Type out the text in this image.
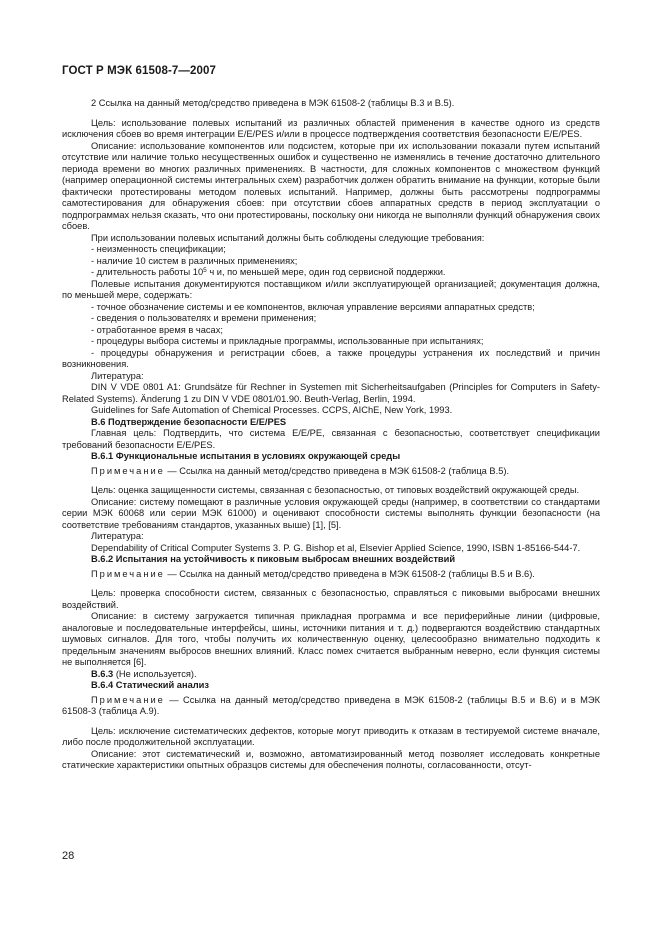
ГОСТ Р МЭК 61508-7—2007

2 Ссылка на данный метод/средство приведена в МЭК 61508-2 (таблицы В.3 и В.5).

Цель: использование полевых испытаний из различных областей применения в качестве одного из средств исключения сбоев во время интеграции E/E/PES и/или в процессе подтверждения соответствия безопасности E/E/PES.

Описание: использование компонентов или подсистем, которые при их использовании показали путем испытаний отсутствие или наличие только несущественных ошибок и существенно не изменялись в течение достаточно длительного периода времени во многих различных применениях. В частности, для сложных компонентов с множеством функций (например операционной системы интегральных схем) разработчик должен обратить внимание на функции, которые были фактически протестированы методом полевых испытаний. Например, должны быть рассмотрены подпрограммы самотестирования для обнаружения сбоев: при отсутствии сбоев аппаратных средств в период эксплуатации о подпрограммах нельзя сказать, что они протестированы, поскольку они никогда не выполняли функций обнаружения своих сбоев.

При использовании полевых испытаний должны быть соблюдены следующие требования:

- неизменность спецификации;

- наличие 10 систем в различных применениях;

- длительность работы $10^5$ ч и, по меньшей мере, один год сервисной поддержки.

Полевые испытания документируются поставщиком и/или эксплуатирующей организацией; документация должна, по меньшей мере, содержать:

- точное обозначение системы и ее компонентов, включая управление версиями аппаратных средств;

- сведения о пользователях и времени применения;

- отработанное время в часах;

- процедуры выбора системы и прикладные программы, использованные при испытаниях;

- процедуры обнаружения и регистрации сбоев, а также процедуры устранения их последствий и причин возникновения.

Литература:

DIN V VDE 0801 A1: Grundsätze für Rechner in Systemen mit Sicherheitsaufgaben (Principles for Computers in Safety-Related Systems). Änderung 1 zu DIN V VDE 0801/01.90. Beuth-Verlag, Berlin, 1994.

Guidelines for Safe Automation of Chemical Processes. CCPS, AIChE, New York, 1993.

В.6 Подтверждение безопасности E/E/PES

Главная цель: Подтвердить, что система E/E/PE, связанная с безопасностью, соответствует спецификации требований безопасности E/E/PES.

В.6.1 Функциональные испытания в условиях окружающей среды

Примечание — Ссылка на данный метод/средство приведена в МЭК 61508-2 (таблица В.5).

Цель: оценка защищенности системы, связанная с безопасностью, от типовых воздействий окружающей среды.

Описание: систему помещают в различные условия окружающей среды (например, в соответствии со стандартами серии МЭК 60068 или серии МЭК 61000) и оценивают способности системы выполнять функции безопасности (на соответствие требованиям стандартов, указанных выше) [1], [5].

Литература:

Dependability of Critical Computer Systems 3. P. G. Bishop et al, Elsevier Applied Science, 1990, ISBN 1-85166-544-7.

В.6.2 Испытания на устойчивость к пиковым выбросам внешних воздействий

Примечание — Ссылка на данный метод/средство приведена в МЭК 61508-2 (таблицы В.5 и В.6).

Цель: проверка способности систем, связанных с безопасностью, справляться с пиковыми выбросами внешних воздействий.

Описание: в систему загружается типичная прикладная программа и все периферийные линии (цифровые, аналоговые и последовательные интерфейсы, шины, источники питания и т. д.) подвергаются воздействию стандартных шумовых сигналов. Для того, чтобы получить их количественную оценку, целесообразно внимательно подходить к предельным значениям выбросов внешних влияний. Класс помех считается выбранным неверно, если функция системы не выполняется [6].

В.6.3 (Не используется).

В.6.4 Статический анализ

Примечание — Ссылка на данный метод/средство приведена в МЭК 61508-2 (таблицы В.5 и В.6) и в МЭК 61508-3 (таблица А.9).

Цель: исключение систематических дефектов, которые могут приводить к отказам в тестируемой системе вначале, либо после продолжительной эксплуатации.

Описание: этот систематический и, возможно, автоматизированный метод позволяет исследовать конкретные статические характеристики опытных образцов системы для обеспечения полноты, согласованности, отсут-

28
